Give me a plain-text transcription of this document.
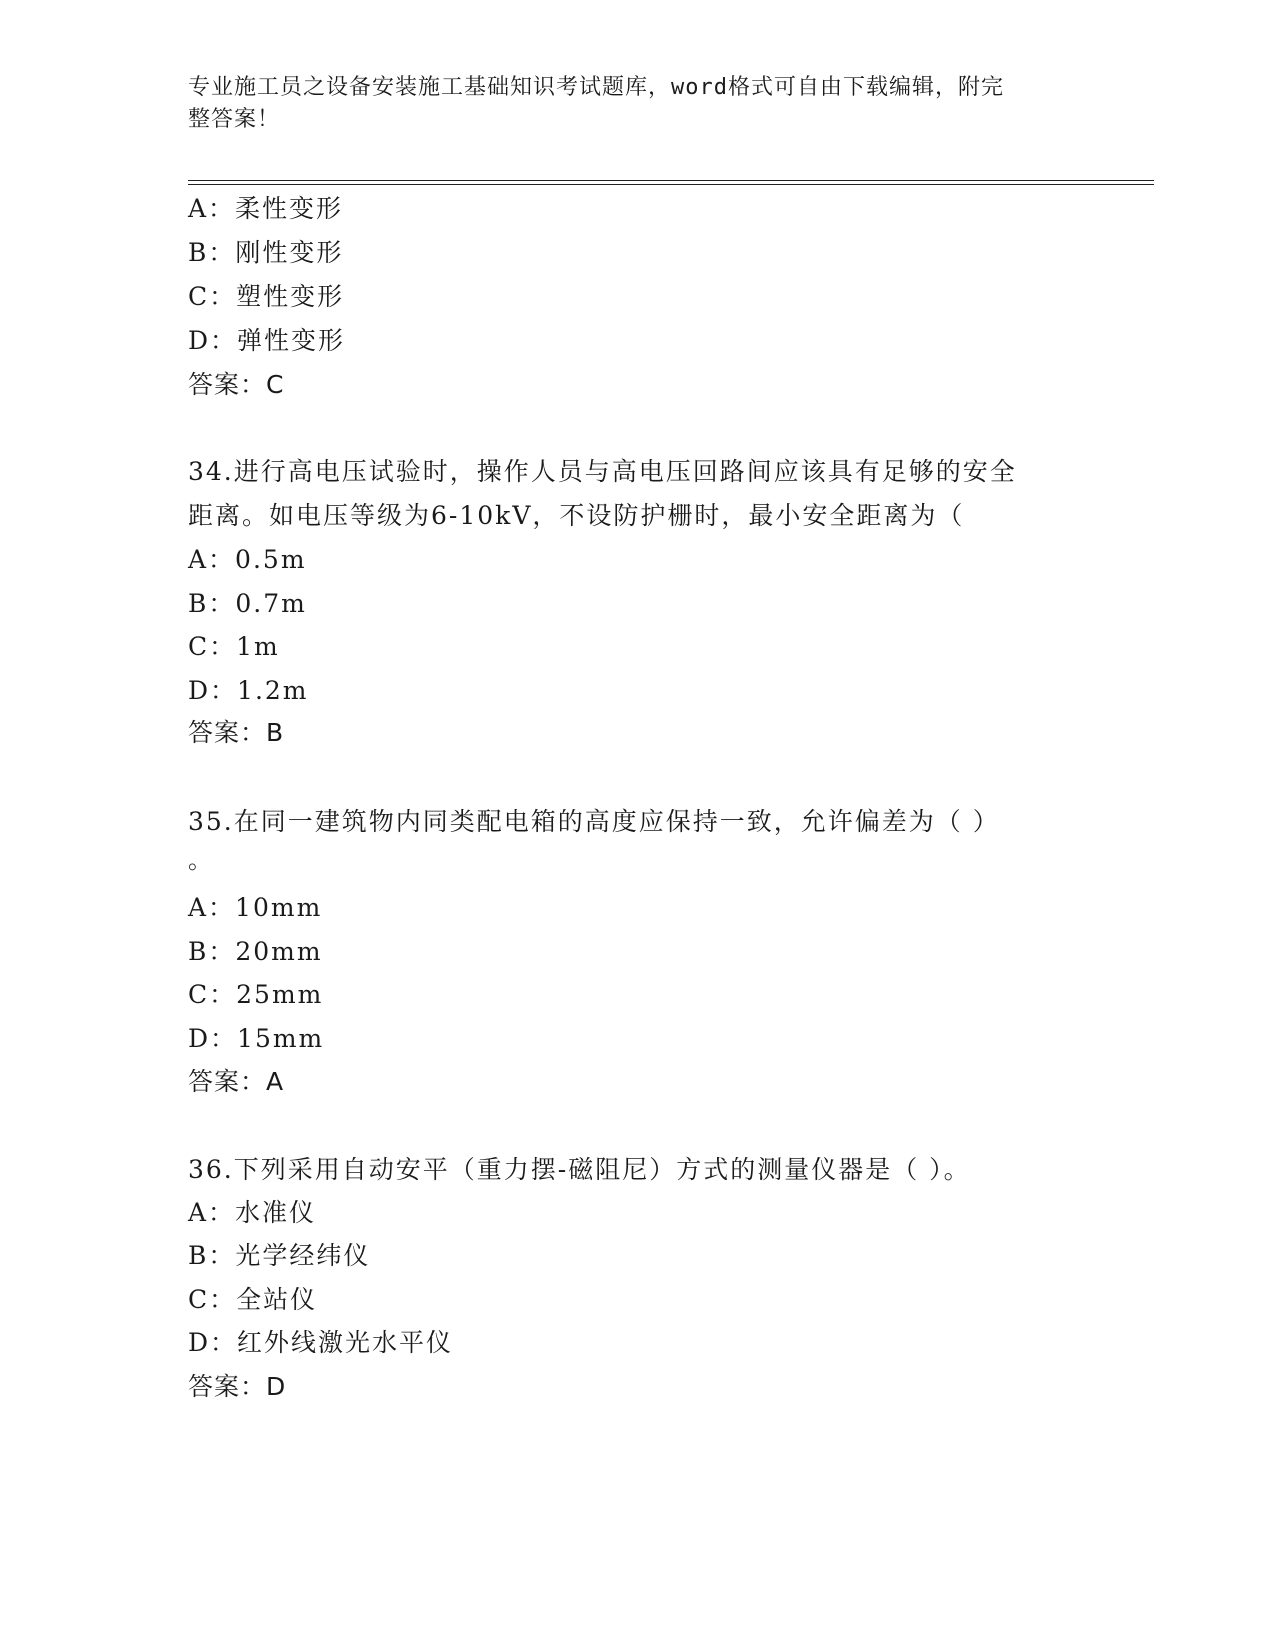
专业施工员之设备安装施工基础知识考试题库，word格式可自由下载编辑，附完
整答案！
A：柔性变形
B：刚性变形
C：塑性变形
D：弹性变形
答案：C
34.进行高电压试验时，操作人员与高电压回路间应该具有足够的安全
距离。如电压等级为6-10kV，不设防护栅时，最小安全距离为（
A：0.5m
B：0.7m
C：1m
D：1.2m
答案：B
35.在同一建筑物内同类配电箱的高度应保持一致，允许偏差为（ ）
。
A：10mm
B：20mm
C：25mm
D：15mm
答案：A
36.下列采用自动安平（重力摆-磁阻尼）方式的测量仪器是（ ）。
A：水准仪
B：光学经纬仪
C：全站仪
D：红外线激光水平仪
答案：D
